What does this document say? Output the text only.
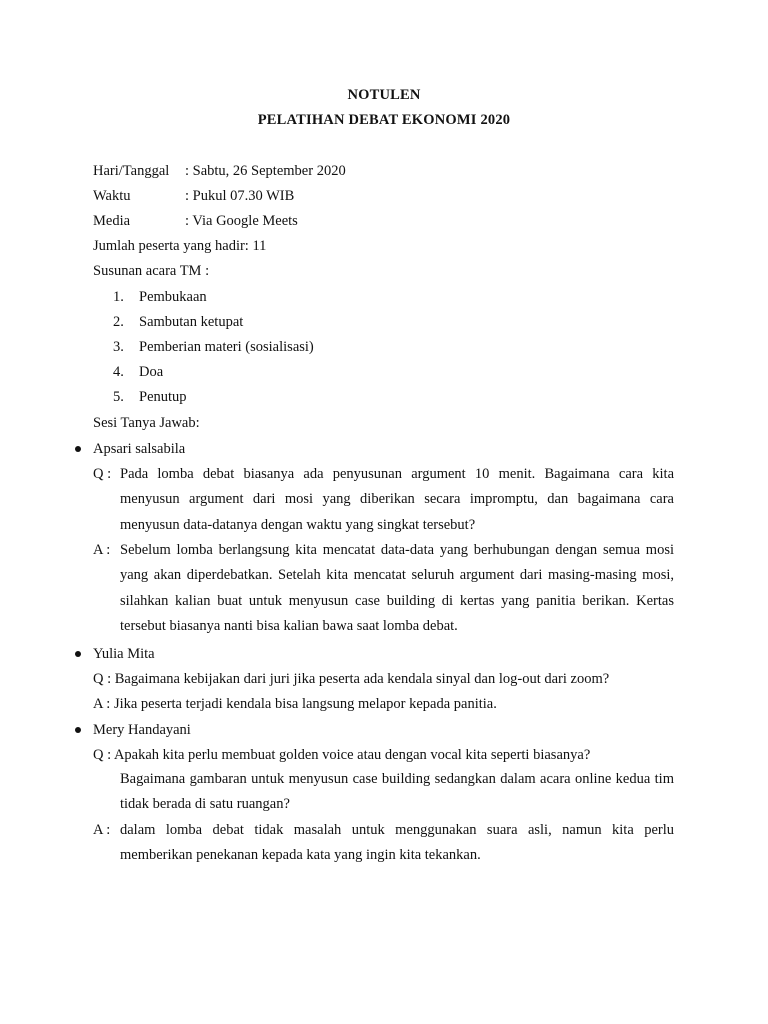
NOTULEN
PELATIHAN DEBAT EKONOMI 2020
Hari/Tanggal : Sabtu, 26 September 2020
Waktu	: Pukul 07.30 WIB
Media	: Via Google Meets
Jumlah peserta yang hadir: 11
Susunan acara TM :
1. Pembukaan
2. Sambutan ketupat
3. Pemberian materi (sosialisasi)
4. Doa
5. Penutup
Sesi Tanya Jawab:
Apsari salsabila
Q : Pada lomba debat biasanya ada penyusunan argument 10 menit. Bagaimana cara kita menyusun argument dari mosi yang diberikan secara impromptu, dan bagaimana cara menyusun data-datanya dengan waktu yang singkat tersebut?
A : Sebelum lomba berlangsung kita mencatat data-data yang berhubungan dengan semua mosi yang akan diperdebatkan. Setelah kita mencatat seluruh argument dari masing-masing mosi, silahkan kalian buat untuk menyusun case building di kertas yang panitia berikan. Kertas tersebut biasanya nanti bisa kalian bawa saat lomba debat.
Yulia Mita
Q : Bagaimana kebijakan dari juri jika peserta ada kendala sinyal dan log-out dari zoom?
A : Jika peserta terjadi kendala bisa langsung melapor kepada panitia.
Mery Handayani
Q : Apakah kita perlu membuat golden voice atau dengan vocal kita seperti biasanya?
Bagaimana gambaran untuk menyusun case building sedangkan dalam acara online kedua tim tidak berada di satu ruangan?
A : dalam lomba debat tidak masalah untuk menggunakan suara asli, namun kita perlu memberikan penekanan kepada kata yang ingin kita tekankan.
